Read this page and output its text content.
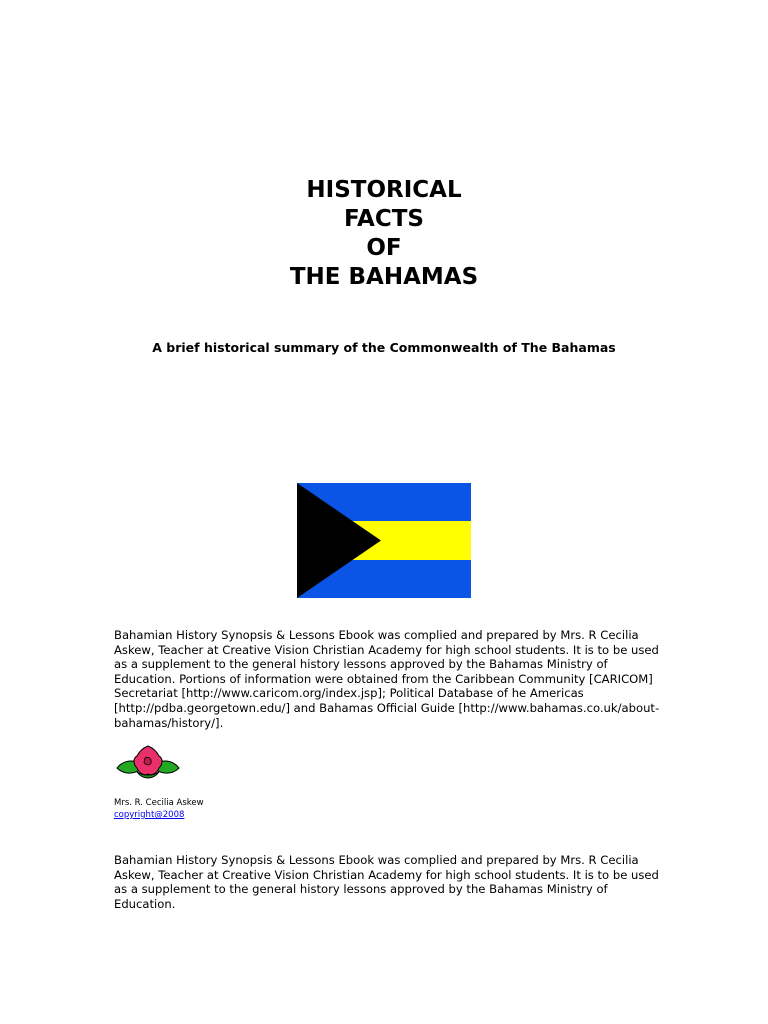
HISTORICAL
FACTS
OF
THE BAHAMAS
A brief historical summary of the Commonwealth of The Bahamas
Bahamian History Synopsis & Lessons Ebook was complied and prepared by Mrs. R Cecilia Askew, Teacher at Creative Vision Christian Academy for high school students. It is to be used as a supplement to the general history lessons approved by the Bahamas Ministry of Education. Portions of information were obtained from the Caribbean Community [CARICOM] Secretariat [http://www.caricom.org/index.jsp]; Political Database of he Americas [http://pdba.georgetown.edu/] and Bahamas Official Guide [http://www.bahamas.co.uk/about-bahamas/history/].
Mrs. R. Cecilia Askew
copyright@2008
Bahamian History Synopsis & Lessons Ebook was complied and prepared by Mrs. R Cecilia Askew, Teacher at Creative Vision Christian Academy for high school students. It is to be used as a supplement to the general history lessons approved by the Bahamas Ministry of Education.
